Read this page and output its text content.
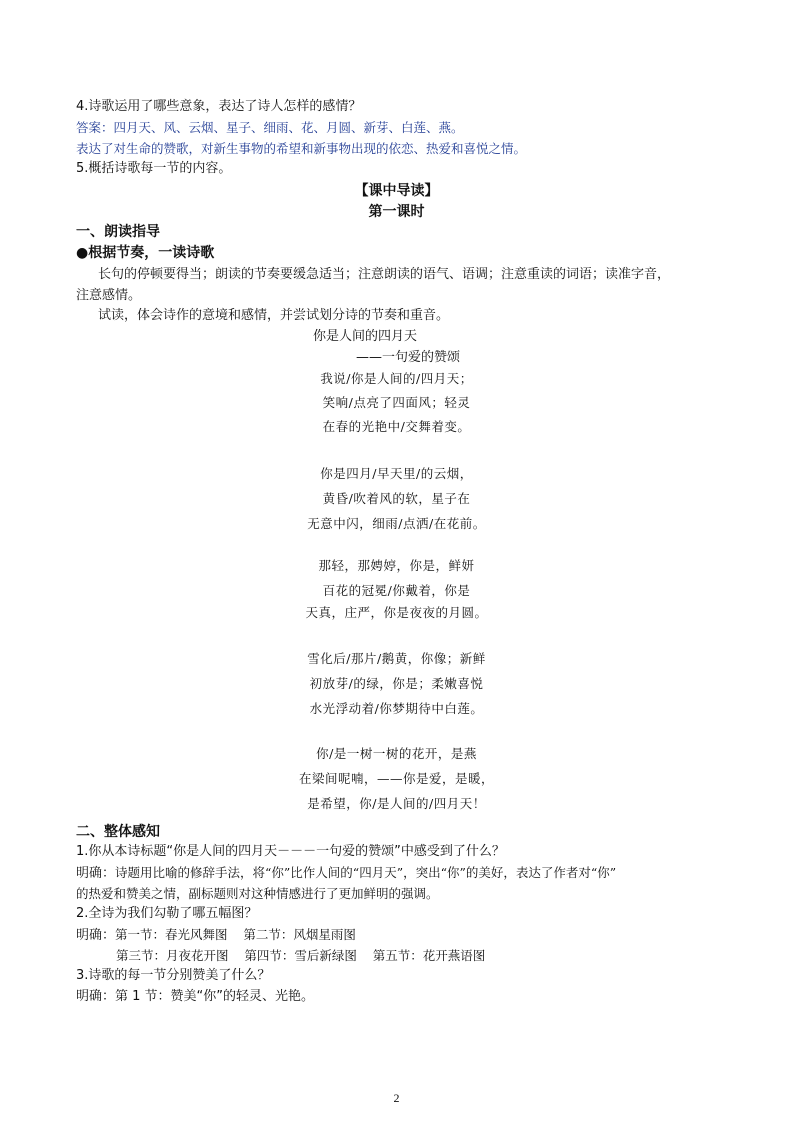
4.诗歌运用了哪些意象，表达了诗人怎样的感情？
答案：四月天、风、云烟、星子、细雨、花、月圆、新芽、白莲、燕。
表达了对生命的赞歌，对新生事物的希望和新事物出现的依恋、热爱和喜悦之情。
5.概括诗歌每一节的内容。
【课中导读】
第一课时
一、朗读指导
●根据节奏，一读诗歌
长句的停顿要得当；朗读的节奏要缓急适当；注意朗读的语气、语调；注意重读的词语；读准字音，
注意感情。
试读，体会诗作的意境和感情，并尝试划分诗的节奏和重音。
你是人间的四月天
——一句爱的赞颂
我说/你是人间的/四月天；
笑响/点亮了四面风；轻灵
在春的光艳中/交舞着变。
你是四月/早天里/的云烟，
黄昏/吹着风的软，星子在
无意中闪，细雨/点洒/在花前。
那轻，那娉婷，你是，鲜妍
百花的冠冕/你戴着，你是
天真，庄严，你是夜夜的月圆。
雪化后/那片/鹅黄，你像；新鲜
初放芽/的绿，你是；柔嫩喜悦
水光浮动着/你梦期待中白莲。
你/是一树一树的花开，是燕
在梁间呢喃，——你是爱，是暖，
是希望，你/是人间的/四月天！
二、整体感知
1.你从本诗标题“你是人间的四月天－－－一句爱的赞颂”中感受到了什么？
明确：诗题用比喻的修辞手法，将“你”比作人间的“四月天”，突出“你”的美好，表达了作者对“你”
的热爱和赞美之情，副标题则对这种情感进行了更加鲜明的强调。
2.全诗为我们勾勒了哪五幅图？
明确：第一节：春光风舞图    第二节：风烟星雨图
第三节：月夜花开图    第四节：雪后新绿图    第五节：花开燕语图
3.诗歌的每一节分别赞美了什么？
明确：第 1 节：赞美“你”的轻灵、光艳。
2
